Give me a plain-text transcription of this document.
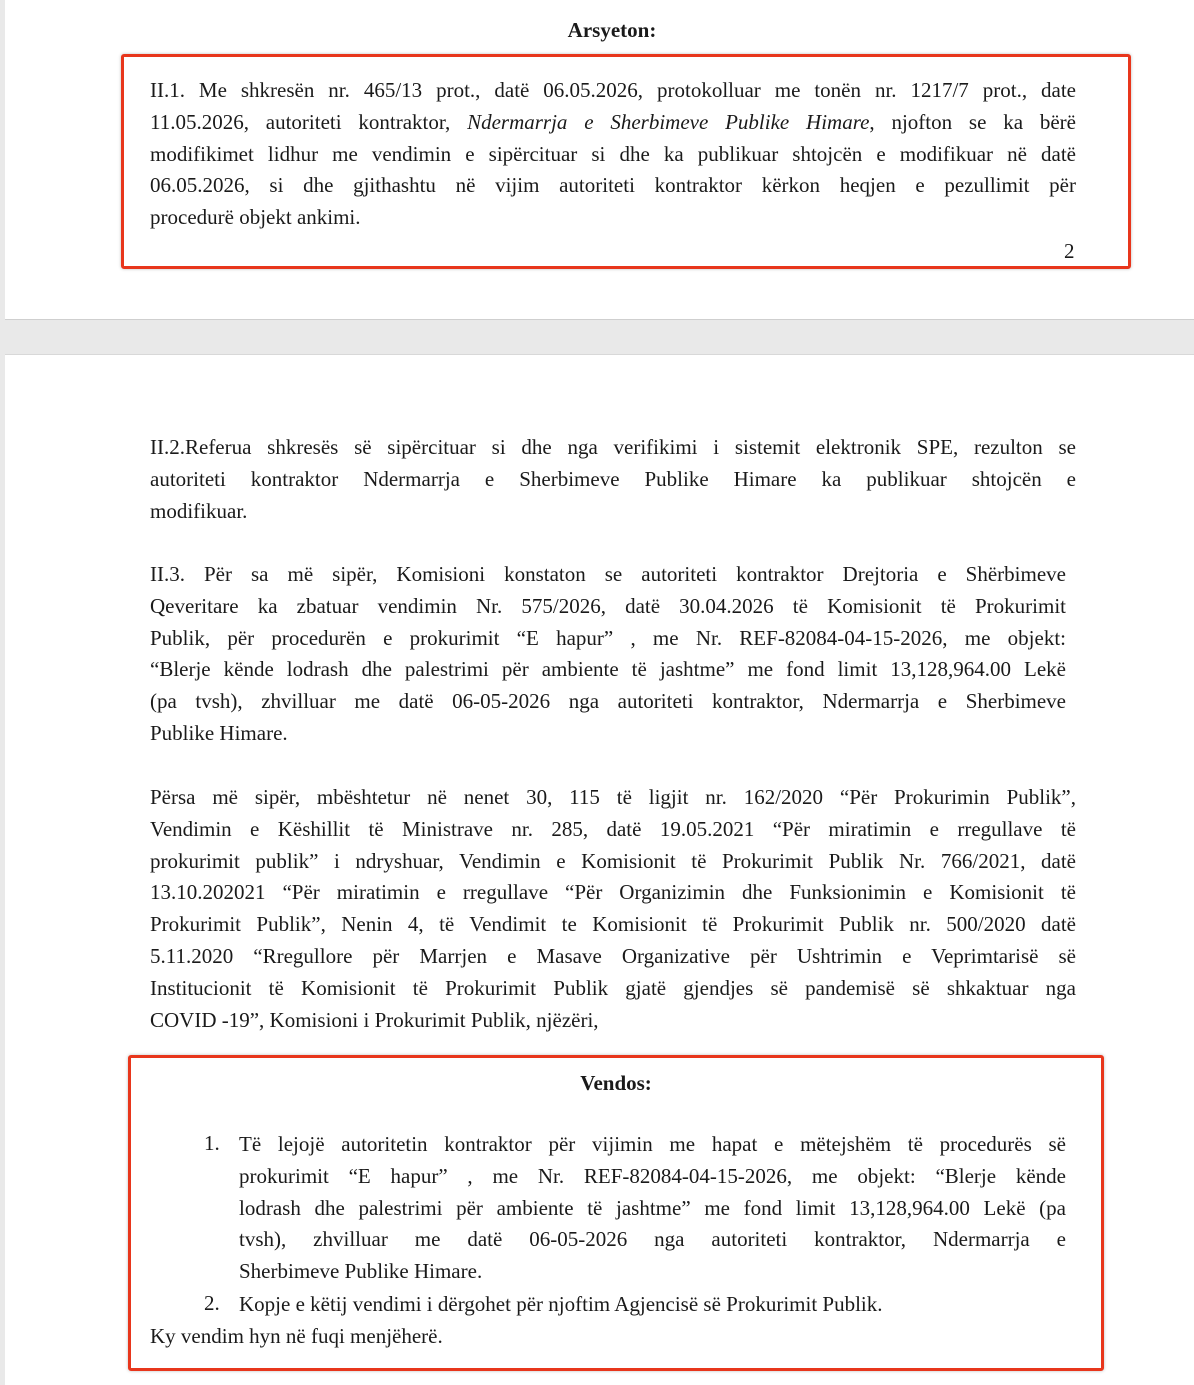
Arsyeton:
II.1. Me shkresën nr. 465/13 prot., datë 06.05.2026, protokolluar me tonën nr. 1217/7 prot., date
11.05.2026, autoriteti kontraktor, Ndermarrja e Sherbimeve Publike Himare, njofton se ka bërë
modifikimet lidhur me vendimin e sipërcituar si dhe ka publikuar shtojcën e modifikuar në datë
06.05.2026, si dhe gjithashtu në vijim autoriteti kontraktor kërkon heqjen e pezullimit për
procedurë objekt ankimi.
2
II.2.Referua shkresës së sipërcituar si dhe nga verifikimi i sistemit elektronik SPE, rezulton se
autoriteti kontraktor Ndermarrja e Sherbimeve Publike Himare ka publikuar shtojcën e
modifikuar.
II.3. Për sa më sipër, Komisioni konstaton se autoriteti kontraktor Drejtoria e Shërbimeve
Qeveritare ka zbatuar vendimin Nr. 575/2026, datë 30.04.2026 të Komisionit të Prokurimit
Publik, për procedurën e prokurimit “E hapur” , me Nr. REF-82084-04-15-2026, me objekt:
“Blerje kënde lodrash dhe palestrimi për ambiente të jashtme” me fond limit 13,128,964.00 Lekë
(pa tvsh), zhvilluar me datë 06-05-2026 nga autoriteti kontraktor, Ndermarrja e Sherbimeve
Publike Himare.
Përsa më sipër, mbështetur në nenet 30, 115 të ligjit nr. 162/2020 “Për Prokurimin Publik”,
Vendimin e Këshillit të Ministrave nr. 285, datë 19.05.2021 “Për miratimin e rregullave të
prokurimit publik” i ndryshuar, Vendimin e Komisionit të Prokurimit Publik Nr. 766/2021, datë
13.10.202021 “Për miratimin e rregullave “Për Organizimin dhe Funksionimin e Komisionit të
Prokurimit Publik”, Nenin 4, të Vendimit te Komisionit të Prokurimit Publik nr. 500/2020 datë
5.11.2020 “Rregullore për Marrjen e Masave Organizative për Ushtrimin e Veprimtarisë së
Institucionit të Komisionit të Prokurimit Publik gjatë gjendjes së pandemisë së shkaktuar nga
COVID -19”, Komisioni i Prokurimit Publik, njëzëri,
Vendos:
1. Të lejojë autoritetin kontraktor për vijimin me hapat e mëtejshëm të procedurës së
prokurimit “E hapur” , me Nr. REF-82084-04-15-2026, me objekt: “Blerje kënde
lodrash dhe palestrimi për ambiente të jashtme” me fond limit 13,128,964.00 Lekë (pa
tvsh), zhvilluar me datë 06-05-2026 nga autoriteti kontraktor, Ndermarrja e
Sherbimeve Publike Himare.
2. Kopje e këtij vendimi i dërgohet për njoftim Agjencisë së Prokurimit Publik.
Ky vendim hyn në fuqi menjëherë.
